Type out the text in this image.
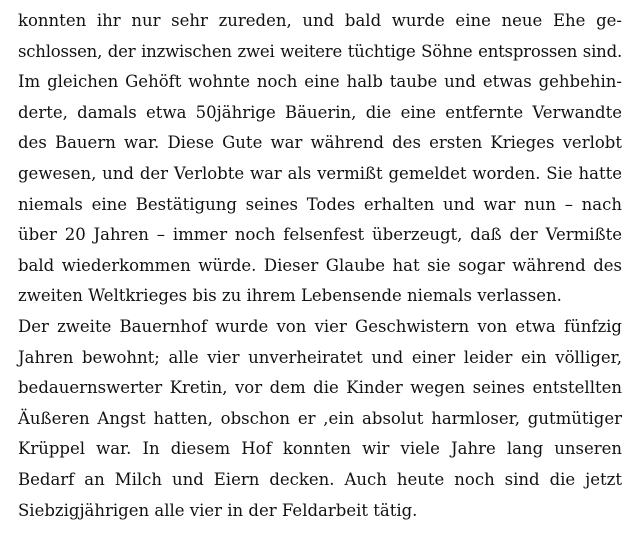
konnten ihr nur sehr zureden, und bald wurde eine neue Ehe ge-
schlossen, der inzwischen zwei weitere tüchtige Söhne entsprossen sind.
Im gleichen Gehöft wohnte noch eine halb taube und etwas gehbehin-
derte, damals etwa 50jährige Bäuerin, die eine entfernte Verwandte
des Bauern war. Diese Gute war während des ersten Krieges verlobt
gewesen, und der Verlobte war als vermißt gemeldet worden. Sie hatte
niemals eine Bestätigung seines Todes erhalten und war nun – nach
über 20 Jahren – immer noch felsenfest überzeugt, daß der Vermißte
bald wiederkommen würde. Dieser Glaube hat sie sogar während des
zweiten Weltkrieges bis zu ihrem Lebensende niemals verlassen.
Der zweite Bauernhof wurde von vier Geschwistern von etwa fünfzig
Jahren bewohnt; alle vier unverheiratet und einer leider ein völliger,
bedauernswerter Kretin, vor dem die Kinder wegen seines entstellten
Äußeren Angst hatten, obschon er ,ein absolut harmloser, gutmütiger
Krüppel war. In diesem Hof konnten wir viele Jahre lang unseren
Bedarf an Milch und Eiern decken. Auch heute noch sind die jetzt
Siebzigjährigen alle vier in der Feldarbeit tätig.
